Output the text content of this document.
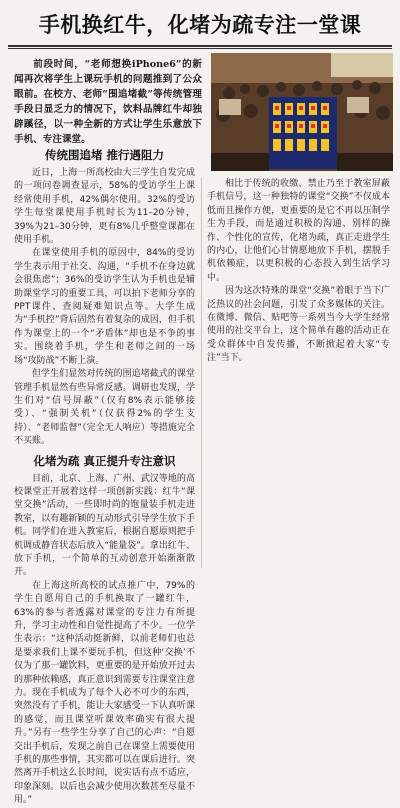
手机换红牛，化堵为疏专注一堂课
前段时间，“老师想换iPhone6”的新闻再次将学生上课玩手机的问题推到了公众眼前。在校方、老师“围追堵截”等传统管理手段日显乏力的情况下，饮料品牌红牛却独辟蹊径，以一种全新的方式让学生乐意放下手机、专注课堂。
传统围追堵 推行遇阻力

近日，上海一所高校由大三学生自发完成的一项问卷调查显示，58%的受访学生上课经常使用手机，42%偶尔使用。32%的受访学生每堂课使用手机时长为11–20分钟，39%为21–30分钟，更有8%几乎整堂课都在使用手机。

在课堂使用手机的原因中，84%的受访学生表示用于社交、沟通，“手机不在身边就会很焦虑”；36%的受访学生认为手机也是辅助课堂学习的重要工具，可以拍下老师分享的PPT课件、查阅疑难知识点等。大学生成为“手机控”背后固然有着复杂的成因，但手机作为课堂上的一个“矛盾体”却也是不争的事实。围绕着手机，学生和老师之间的一场场“攻防战”不断上演。

但学生们显然对传统的围追堵截式的课堂管理手机显然有些异常反感。调研也发现，学生们对“信号屏蔽”（仅有8%表示能够接受）、“强制关机”（仅获得2%的学生支持）、“老师监督”（完全无人响应）等措施完全不买账。

化堵为疏 真正提升专注意识

目前，北京、上海、广州、武汉等地的高校课堂正开展着这样一项创新实践：红牛“课堂交换”活动，一些即时尚的饱量装手机走进教室，以有趣新颖的互动形式引导学生放下手机。同学们在进入教室后，根据自愿原则把手机调成静音状态后放入“能量袋”。拿出红牛、放下手机，一个简单的互动创意开始渐渐散开。

在上海这所高校的试点推广中，79%的学生自愿用自己的手机换取了一罐红牛，63%的参与者透露对课堂的专注力有所提升，学习主动性和自觉性提高了不少。一位学生表示：“这种活动挺新鲜，以前老师们也总是要求我们上课不要玩手机，但这种‘交换’不仅为了那一罐饮料，更重要的是开始放开过去的那种依赖感，真正意识到需要专注课堂注意力。现在手机成为了每个人必不可少的东西，突然没有了手机，能让大家感受一下认真听课的感觉，而且课堂听课效率确实有很大提升。”另有一些学生分享了自己的心声：“自愿交出手机后，发现之前自己在课堂上需要使用手机的那些事情，其实都可以在课后进行。突然离开手机这么长时间，说实话有点不适应，印象深刻。以后也会减少使用次数甚至尽量不用。”

相比于传统的收缴、禁止乃至于教室屏蔽手机信号，这一种独特的课堂“交换”不仅成本低而且操作方便，更重要的是它不再以压制学生为手段，而是通过积极的沟通、别样的操作、个性化的宣传，化堵为疏，真正走进学生的内心，让他们心甘情愿地放下手机，摆脱手机依赖症，以更积极的心态投入到生活学习中。

因为这次特殊的课堂“交换”着眼于当下广泛热议的社会问题，引发了众多媒体的关注。在微博、微信、贴吧等一系列当今大学生经常使用的社交平台上，这个简单有趣的活动正在受众群体中自发传播，不断掀起着大家“专注”当下。
